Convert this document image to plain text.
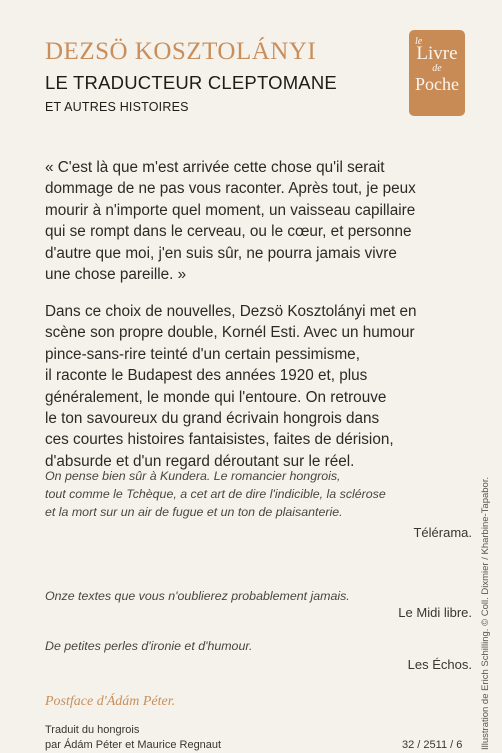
DEZSÖ KOSZTOLÁNYI
LE TRADUCTEUR CLEPTOMANE
ET AUTRES HISTOIRES
le
Livre
de
Poche
« C'est là que m'est arrivée cette chose qu'il serait
dommage de ne pas vous raconter. Après tout, je peux
mourir à n'importe quel moment, un vaisseau capillaire
qui se rompt dans le cerveau, ou le cœur, et personne
d'autre que moi, j'en suis sûr, ne pourra jamais vivre
une chose pareille. »
Dans ce choix de nouvelles, Dezsö Kosztolányi met en
scène son propre double, Kornél Esti. Avec un humour
pince-sans-rire teinté d'un certain pessimisme,
il raconte le Budapest des années 1920 et, plus
généralement, le monde qui l'entoure. On retrouve
le ton savoureux du grand écrivain hongrois dans
ces courtes histoires fantaisistes, faites de dérision,
d'absurde et d'un regard déroutant sur le réel.
On pense bien sûr à Kundera. Le romancier hongrois,
tout comme le Tchèque, a cet art de dire l'indicible, la sclérose
et la mort sur un air de fugue et un ton de plaisanterie.
Télérama.
Onze textes que vous n'oublierez probablement jamais.
Le Midi libre.
De petites perles d'ironie et d'humour.
Les Échos.
Postface d'Ádám Péter.
Traduit du hongrois
par Ádám Péter et Maurice Regnaut	32 / 2511 / 6 Illustration de Erich Schilling. © Coll. Dixmier / Kharbine-Tapabor.
